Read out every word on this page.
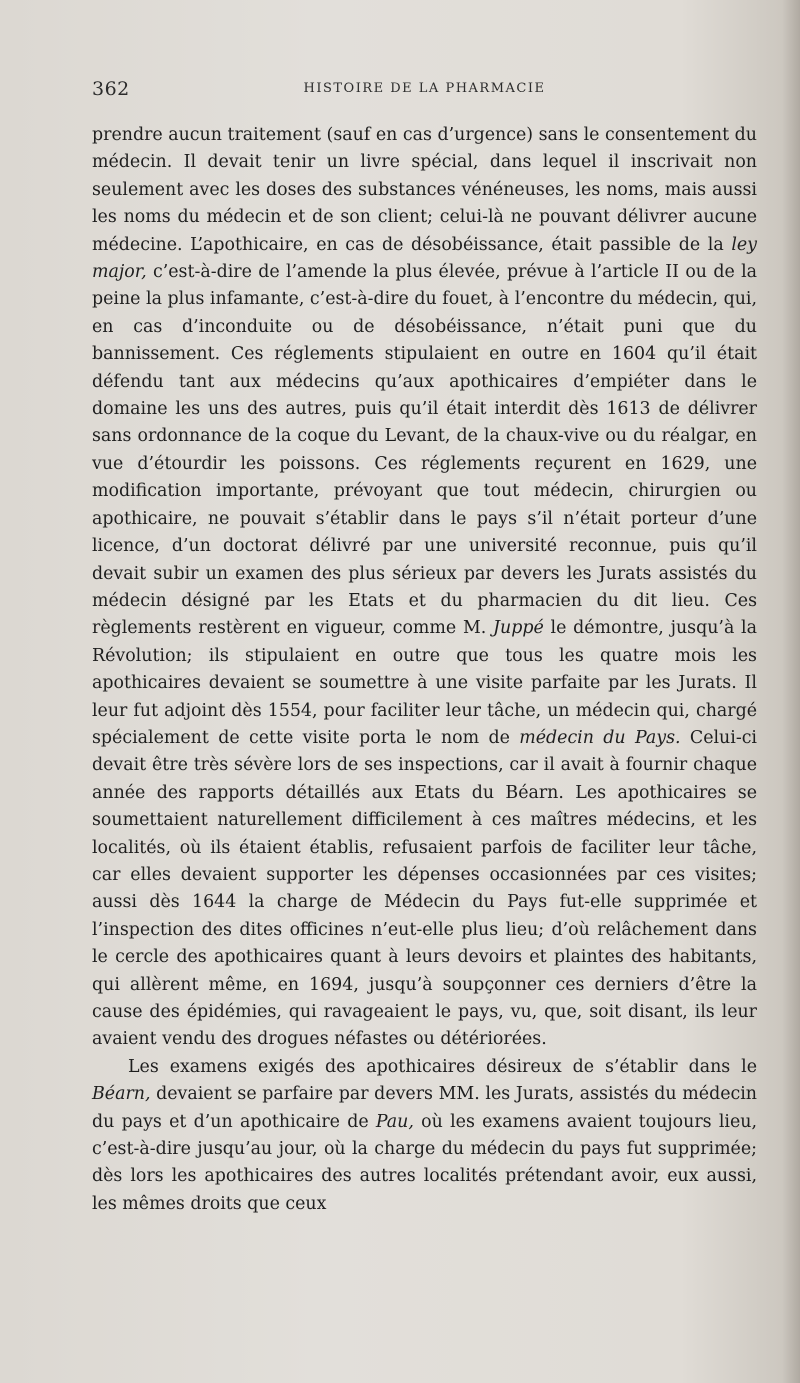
362	HISTOIRE DE LA PHARMACIE

prendre aucun traitement (sauf en cas d’urgence) sans le consentement du médecin. Il devait tenir un livre spécial, dans lequel il inscrivait non seulement avec les doses des substances vénéneuses, les noms, mais aussi les noms du médecin et de son client; celui-là ne pouvant délivrer aucune médecine. L’apothicaire, en cas de désobéissance, était passible de la ley major, c’est-à-dire de l’amende la plus élevée, prévue à l’article II ou de la peine la plus infamante, c’est-à-dire du fouet, à l’encontre du médecin, qui, en cas d’inconduite ou de désobéissance, n’était puni que du bannissement. Ces réglements stipulaient en outre en 1604 qu’il était défendu tant aux médecins qu’aux apothicaires d’empiéter dans le domaine les uns des autres, puis qu’il était interdit dès 1613 de délivrer sans ordonnance de la coque du Levant, de la chaux-vive ou du réalgar, en vue d’étourdir les poissons. Ces réglements reçurent en 1629, une modification importante, prévoyant que tout médecin, chirurgien ou apothicaire, ne pouvait s’établir dans le pays s’il n’était porteur d’une licence, d’un doctorat délivré par une université reconnue, puis qu’il devait subir un examen des plus sérieux par devers les Jurats assistés du médecin désigné par les Etats et du pharmacien du dit lieu. Ces règlements restèrent en vigueur, comme M. Juppé le démontre, jusqu’à la Révolution; ils stipulaient en outre que tous les quatre mois les apothicaires devaient se soumettre à une visite parfaite par les Jurats. Il leur fut adjoint dès 1554, pour faciliter leur tâche, un médecin qui, chargé spécialement de cette visite porta le nom de médecin du Pays. Celui-ci devait être très sévère lors de ses inspections, car il avait à fournir chaque année des rapports détaillés aux Etats du Béarn. Les apothicaires se soumettaient naturellement difficilement à ces maîtres médecins, et les localités, où ils étaient établis, refusaient parfois de faciliter leur tâche, car elles devaient supporter les dépenses occasionnées par ces visites; aussi dès 1644 la charge de Médecin du Pays fut-elle supprimée et l’inspection des dites officines n’eut-elle plus lieu; d’où relâchement dans le cercle des apothicaires quant à leurs devoirs et plaintes des habitants, qui allèrent même, en 1694, jusqu’à soupçonner ces derniers d’être la cause des épidémies, qui ravageaient le pays, vu, que, soit disant, ils leur avaient vendu des drogues néfastes ou détériorées.

Les examens exigés des apothicaires désireux de s’établir dans le Béarn, devaient se parfaire par devers MM. les Jurats, assistés du médecin du pays et d’un apothicaire de Pau, où les examens avaient toujours lieu, c’est-à-dire jusqu’au jour, où la charge du médecin du pays fut supprimée; dès lors les apothicaires des autres localités prétendant avoir, eux aussi, les mêmes droits que ceux
